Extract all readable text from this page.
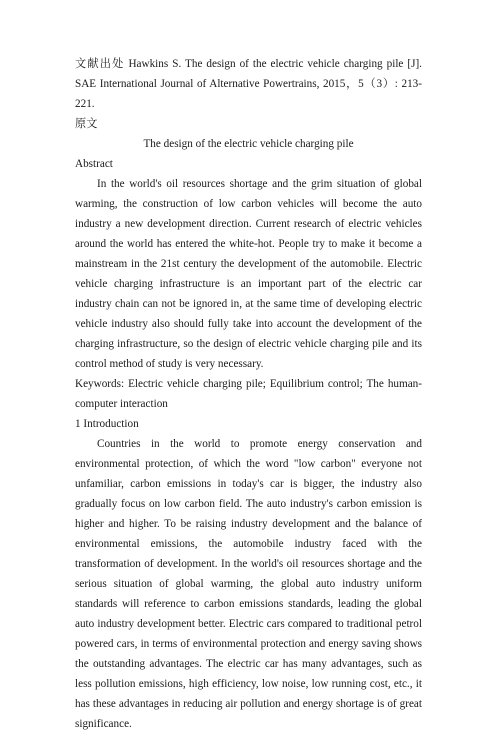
文献出处 Hawkins S. The design of the electric vehicle charging pile [J]. SAE International Journal of Alternative Powertrains, 2015，5（3）: 213-221.

原文

The design of the electric vehicle charging pile

Abstract

In the world's oil resources shortage and the grim situation of global warming, the construction of low carbon vehicles will become the auto industry a new development direction. Current research of electric vehicles around the world has entered the white-hot. People try to make it become a mainstream in the 21st century the development of the automobile. Electric vehicle charging infrastructure is an important part of the electric car industry chain can not be ignored in, at the same time of developing electric vehicle industry also should fully take into account the development of the charging infrastructure, so the design of electric vehicle charging pile and its control method of study is very necessary.

Keywords: Electric vehicle charging pile; Equilibrium control; The human-computer interaction

1 Introduction

Countries in the world to promote energy conservation and environmental protection, of which the word "low carbon" everyone not unfamiliar, carbon emissions in today's car is bigger, the industry also gradually focus on low carbon field. The auto industry's carbon emission is higher and higher. To be raising industry development and the balance of environmental emissions, the automobile industry faced with the transformation of development. In the world's oil resources shortage and the serious situation of global warming, the global auto industry uniform standards will reference to carbon emissions standards, leading the global auto industry development better. Electric cars compared to traditional petrol powered cars, in terms of environmental protection and energy saving shows the outstanding advantages. The electric car has many advantages, such as less pollution emissions, high efficiency, low noise, low running cost, etc., it has these advantages in reducing air pollution and energy shortage is of great significance.
